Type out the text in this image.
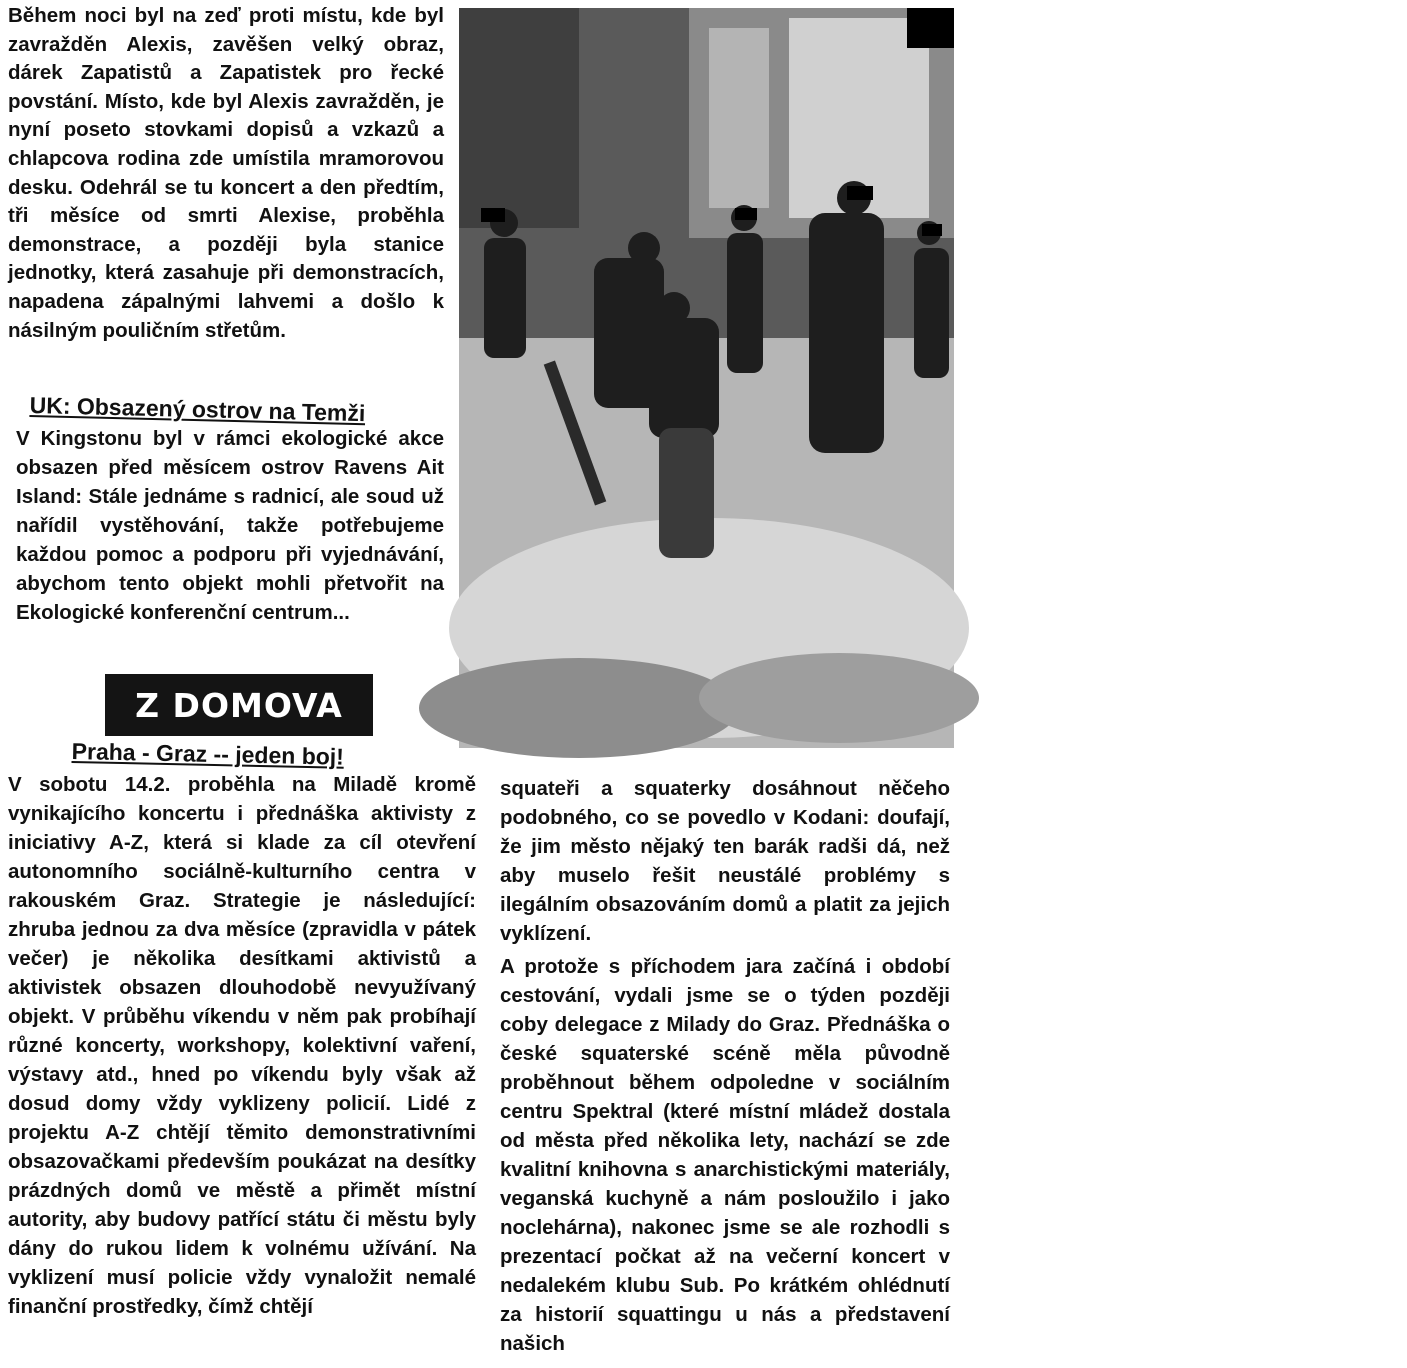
Během noci byl na zeď proti místu, kde byl zavražděn Alexis, zavěšen velký obraz, dárek Zapatistů a Zapatistek pro řecké povstání. Místo, kde byl Alexis zavražděn, je nyní poseto stovkami dopisů a vzkazů a chlapcova rodina zde umístila mramorovou desku. Odehrál se tu koncert a den předtím, tři měsíce od smrti Alexise, proběhla demonstrace, a později byla stanice jednotky, která zasahuje při demonstracích, napadena zápalnými lahvemi a došlo k násilným pouličním střetům.

4
UK: Obsazený ostrov na Temži

V Kingstonu byl v rámci ekologické akce obsazen před měsícem ostrov Ravens Ait Island: Stále jednáme s radnicí, ale soud už nařídil vystěhování, takže potřebujeme každou pomoc a podporu při vyjednávání, abychom tento objekt mohli přetvořit na Ekologické konferenční centrum...

Z DOMOVA
Praha - Graz -- jeden boj!

V sobotu 14.2. proběhla na Miladě kromě vynikajícího koncertu i přednáška aktivisty z iniciativy A-Z, která si klade za cíl otevření autonomního sociálně-kulturního centra v rakouském Graz. Strategie je následující: zhruba jednou za dva měsíce (zpravidla v pátek večer) je několika desítkami aktivistů a aktivistek obsazen dlouhodobě nevyužívaný objekt. V průběhu víkendu v něm pak probíhají různé koncerty, workshopy, kolektivní vaření, výstavy atd., hned po víkendu byly však až dosud domy vždy vyklizeny policií. Lidé z projektu A-Z chtějí těmito demonstrativními obsazovačkami především poukázat na desítky prázdných domů ve městě a přimět místní autority, aby budovy patřící státu či městu byly dány do rukou lidem k volnému užívání. Na vyklizení musí policie vždy vynaložit nemalé finanční prostředky, čímž chtějí

squateři a squaterky dosáhnout něčeho podobného, co se povedlo v Kodani: doufají, že jim město nějaký ten barák radši dá, než aby muselo řešit neustálé problémy s ilegálním obsazováním domů a platit za jejich vyklízení.

A protože s příchodem jara začíná i období cestování, vydali jsme se o týden později coby delegace z Milady do Graz. Přednáška o české squaterské scéně měla původně proběhnout během odpoledne v sociálním centru Spektral (které místní mládež dostala od města před několika lety, nachází se zde kvalitní knihovna s anarchistickými materiály, veganská kuchyně a nám posloužilo i jako noclehárna), nakonec jsme se ale rozhodli s prezentací počkat až na večerní koncert v nedalekém klubu Sub. Po krátkém ohlédnutí za historií squattingu u nás a představení našich
